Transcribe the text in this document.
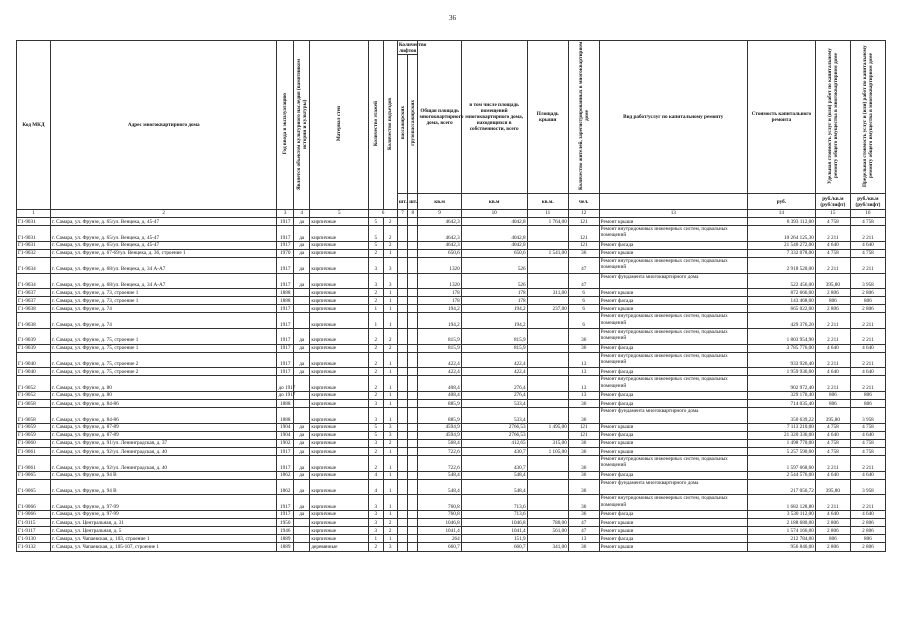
36
Код МКД	Адрес многоквартирного дома	Год ввода в эксплуатацию	Является объектом культурного наследия (памятником истории и культуры)	Материал стен	Количество этажей	Количество подъездов	Количество лифтов		Общая площадь многоквартирного дома, всего	в том числе площадь помещений многоквартирного дома, находящихся в собственности, всего	Площадь крыши	Количество жителей, зарегистрированных в многоквартирном доме	Вид работ/услуг по капитальному ремонту	Стоимость капитального ремонта	Удельная стоимость услуг и (или) работ по капитальному ремонту общего имущества в многоквартирном доме	Предельная стоимость услуг и (или) работ по капитальному ремонту общего имущества в многоквартирном доме
							пассажирских	грузопассажирских								
							шт.	шт.	кв.м	кв.м	кв.м.	чел.		руб.	руб./кв.м (руб/лифт)	руб./кв.м (руб/лифт)
1	2	3	4	5	6		7	8	9	10	11	12	13	14	15	16
Г1-9031	г. Самара, ул. Фрунзе, д. 65/ул. Венцека, д. 45-47	1917	да	кирпичные	5	2			4642,3	4042,8	1 764,00	121	Ремонт крыши	8 393 112,00	4 758	4 758
Г1-9031	г. Самара, ул. Фрунзе, д. 65/ул. Венцека, д. 45-47	1917	да	кирпичные	5	2			4642,3	4042,8		121	Ремонт внутридомовых инженерных систем, подвальных помещений	10 264 125,30	2 211	2 211
Г1-9031	г. Самара, ул. Фрунзе, д. 65/ул. Венцека, д. 45-47	1917	да	кирпичные	5	2			4642,3	4042,8		121	Ремонт фасада	21 540 272,00	4 640	4 640
Г1-9032	г. Самара, ул. Фрунзе, д. 67-69/ул. Венцека, д. 36, строение 1	1970	да	кирпичные	2	1			650,6	650,6	1 541,00	36	Ремонт крыши	7 332 078,00	4 758	4 758
Г1-9034	г. Самара, ул. Фрунзе, д. 68/ул. Венцека, д. 34 А-А7	1917	да	кирпичные	3	3			1320	526		47	Ремонт внутридомовых инженерных систем, подвальных помещений	2 918 520,00	2 211	2 211
Г1-9034	г. Самара, ул. Фрунзе, д. 68/ул. Венцека, д. 34 А-А7	1917	да	кирпичные	3	3			1320	526		47	Ремонт фундамента многоквартирного дома	522 456,00	395,80	3 958
Г1-9037	г. Самара, ул. Фрунзе, д. 73, строение 1	1888		кирпичные	2	1			178	178	311,00	6	Ремонт крыши	872 666,00	2 806	2 806
Г1-9037	г. Самара, ул. Фрунзе, д. 73, строение 1	1888		кирпичные	2	1			178	178		6	Ремонт фасада	143 468,00	806	806
Г1-9038	г. Самара, ул. Фрунзе, д. 74	1917		кирпичные	1	1			194,2	194,2	237,00	6	Ремонт крыши	665 022,00	2 806	2 806
Г1-9038	г. Самара, ул. Фрунзе, д. 74	1917		кирпичные	1	1			194,2	194,2		6	Ремонт внутридомовых инженерных систем, подвальных помещений	429 376,20	2 211	2 211
Г1-9039	г. Самара, ул. Фрунзе, д. 75, строение 1	1917	да	кирпичные	2	2			815,9	815,9		36	Ремонт внутридомовых инженерных систем, подвальных помещений	1 803 954,90	2 211	2 211
Г1-9039	г. Самара, ул. Фрунзе, д. 75, строение 1	1917	да	кирпичные	2	2			815,9	815,9		36	Ремонт фасада	3 785 776,00	4 640	4 640
Г1-9040	г. Самара, ул. Фрунзе, д. 75, строение 2	1917	да	кирпичные	2	1			422,4	422,4		13	Ремонт внутридомовых инженерных систем, подвальных помещений	933 926,40	2 211	2 211
Г1-9040	г. Самара, ул. Фрунзе, д. 75, строение 2	1917	да	кирпичные	2	1			422,4	422,4		13	Ремонт фасада	1 959 936,00	4 640	4 640
Г1-9052	г. Самара, ул. Фрунзе, д. 80	до 1917		кирпичные	2	1			408,4	276,4		13	Ремонт внутридомовых инженерных систем, подвальных помещений	902 972,40	2 211	2 211
Г1-9052	г. Самара, ул. Фрунзе, д. 80	до 1917		кирпичные	2	1			408,4	276,4		13	Ремонт фасада	329 170,40	806	806
Г1-9058	г. Самара, ул. Фрунзе, д. 84-86	1888		кирпичные	3	1			885,9	533,4		36	Ремонт фасада	714 035,40	806	806
Г1-9058	г. Самара, ул. Фрунзе, д. 84-86	1888		кирпичные	3	1			885,9	533,4		36	Ремонт фундамента многоквартирного дома	350 639,22	395,80	3 958
Г1-9059	г. Самара, ул. Фрунзе, д. 87-89	1904	да	кирпичные	5	3			4594,9	2766,53	1 495,00	121	Ремонт крыши	7 113 210,00	4 758	4 758
Г1-9059	г. Самара, ул. Фрунзе, д. 87-89	1904	да	кирпичные	5	3			4594,9	2766,53		121	Ремонт фасада	21 320 336,00	4 640	4 640
Г1-9060	г. Самара, ул. Фрунзе, д. 91/ул. Ленинградская, д. 37	1902	да	кирпичные	3	2			568,4	412,65	315,00	36	Ремонт крыши	1 498 770,00	4 758	4 758
Г1-9061	г. Самара, ул. Фрунзе, д. 92/ул. Ленинградская, д. 40	1917	да	кирпичные	2	1			722,6	430,7	1 105,00	36	Ремонт крыши	5 257 590,00	4 758	4 758
Г1-9061	г. Самара, ул. Фрунзе, д. 92/ул. Ленинградская, д. 40	1917	да	кирпичные	2	1			722,6	430,7		36	Ремонт внутридомовых инженерных систем, подвальных помещений	1 597 668,60	2 211	2 211
Г1-9065	г. Самара, ул. Фрунзе, д. 94 В	1862	да	кирпичные	4	1			548,4	548,4		36	Ремонт фасада	2 544 576,00	4 640	4 640
Г1-9065	г. Самара, ул. Фрунзе, д. 94 В	1862	да	кирпичные	4	1			548,4	548,4		36	Ремонт фундамента многоквартирного дома	217 056,72	395,80	3 958
Г1-9066	г. Самара, ул. Фрунзе, д. 97-99	1917	да	кирпичные	3	1			760,8	713,6		36	Ремонт внутридомовых инженерных систем, подвальных помещений	1 682 128,80	2 211	2 211
Г1-9066	г. Самара, ул. Фрунзе, д. 97-99	1917	да	кирпичные	3	1			760,8	713,6		36	Ремонт фасада	3 530 112,00	4 640	4 640
Г1-9115	г. Самара, ул. Центральная, д. 31	1950		кирпичные	3	2			1046,8	1046,8	780,00	47	Ремонт крыши	2 188 680,00	2 806	2 806
Г1-9117	г. Самара, ул. Центральная, д. 5	1946		кирпичные	3	2			1041,4	1041,4	561,00	47	Ремонт крыши	1 574 166,00	2 806	2 806
Г1-9130	г. Самара, ул. Чапаевская, д. 103, строение 1	1889		кирпичные	1	1			264	151,9		13	Ремонт фасада	212 784,00	806	806
Г1-9132	г. Самара, ул. Чапаевская, д. 105-107, строение 1	1889		деревянные	2	3			660,7	660,7	341,00	36	Ремонт крыши	956 846,00	2 806	2 806
